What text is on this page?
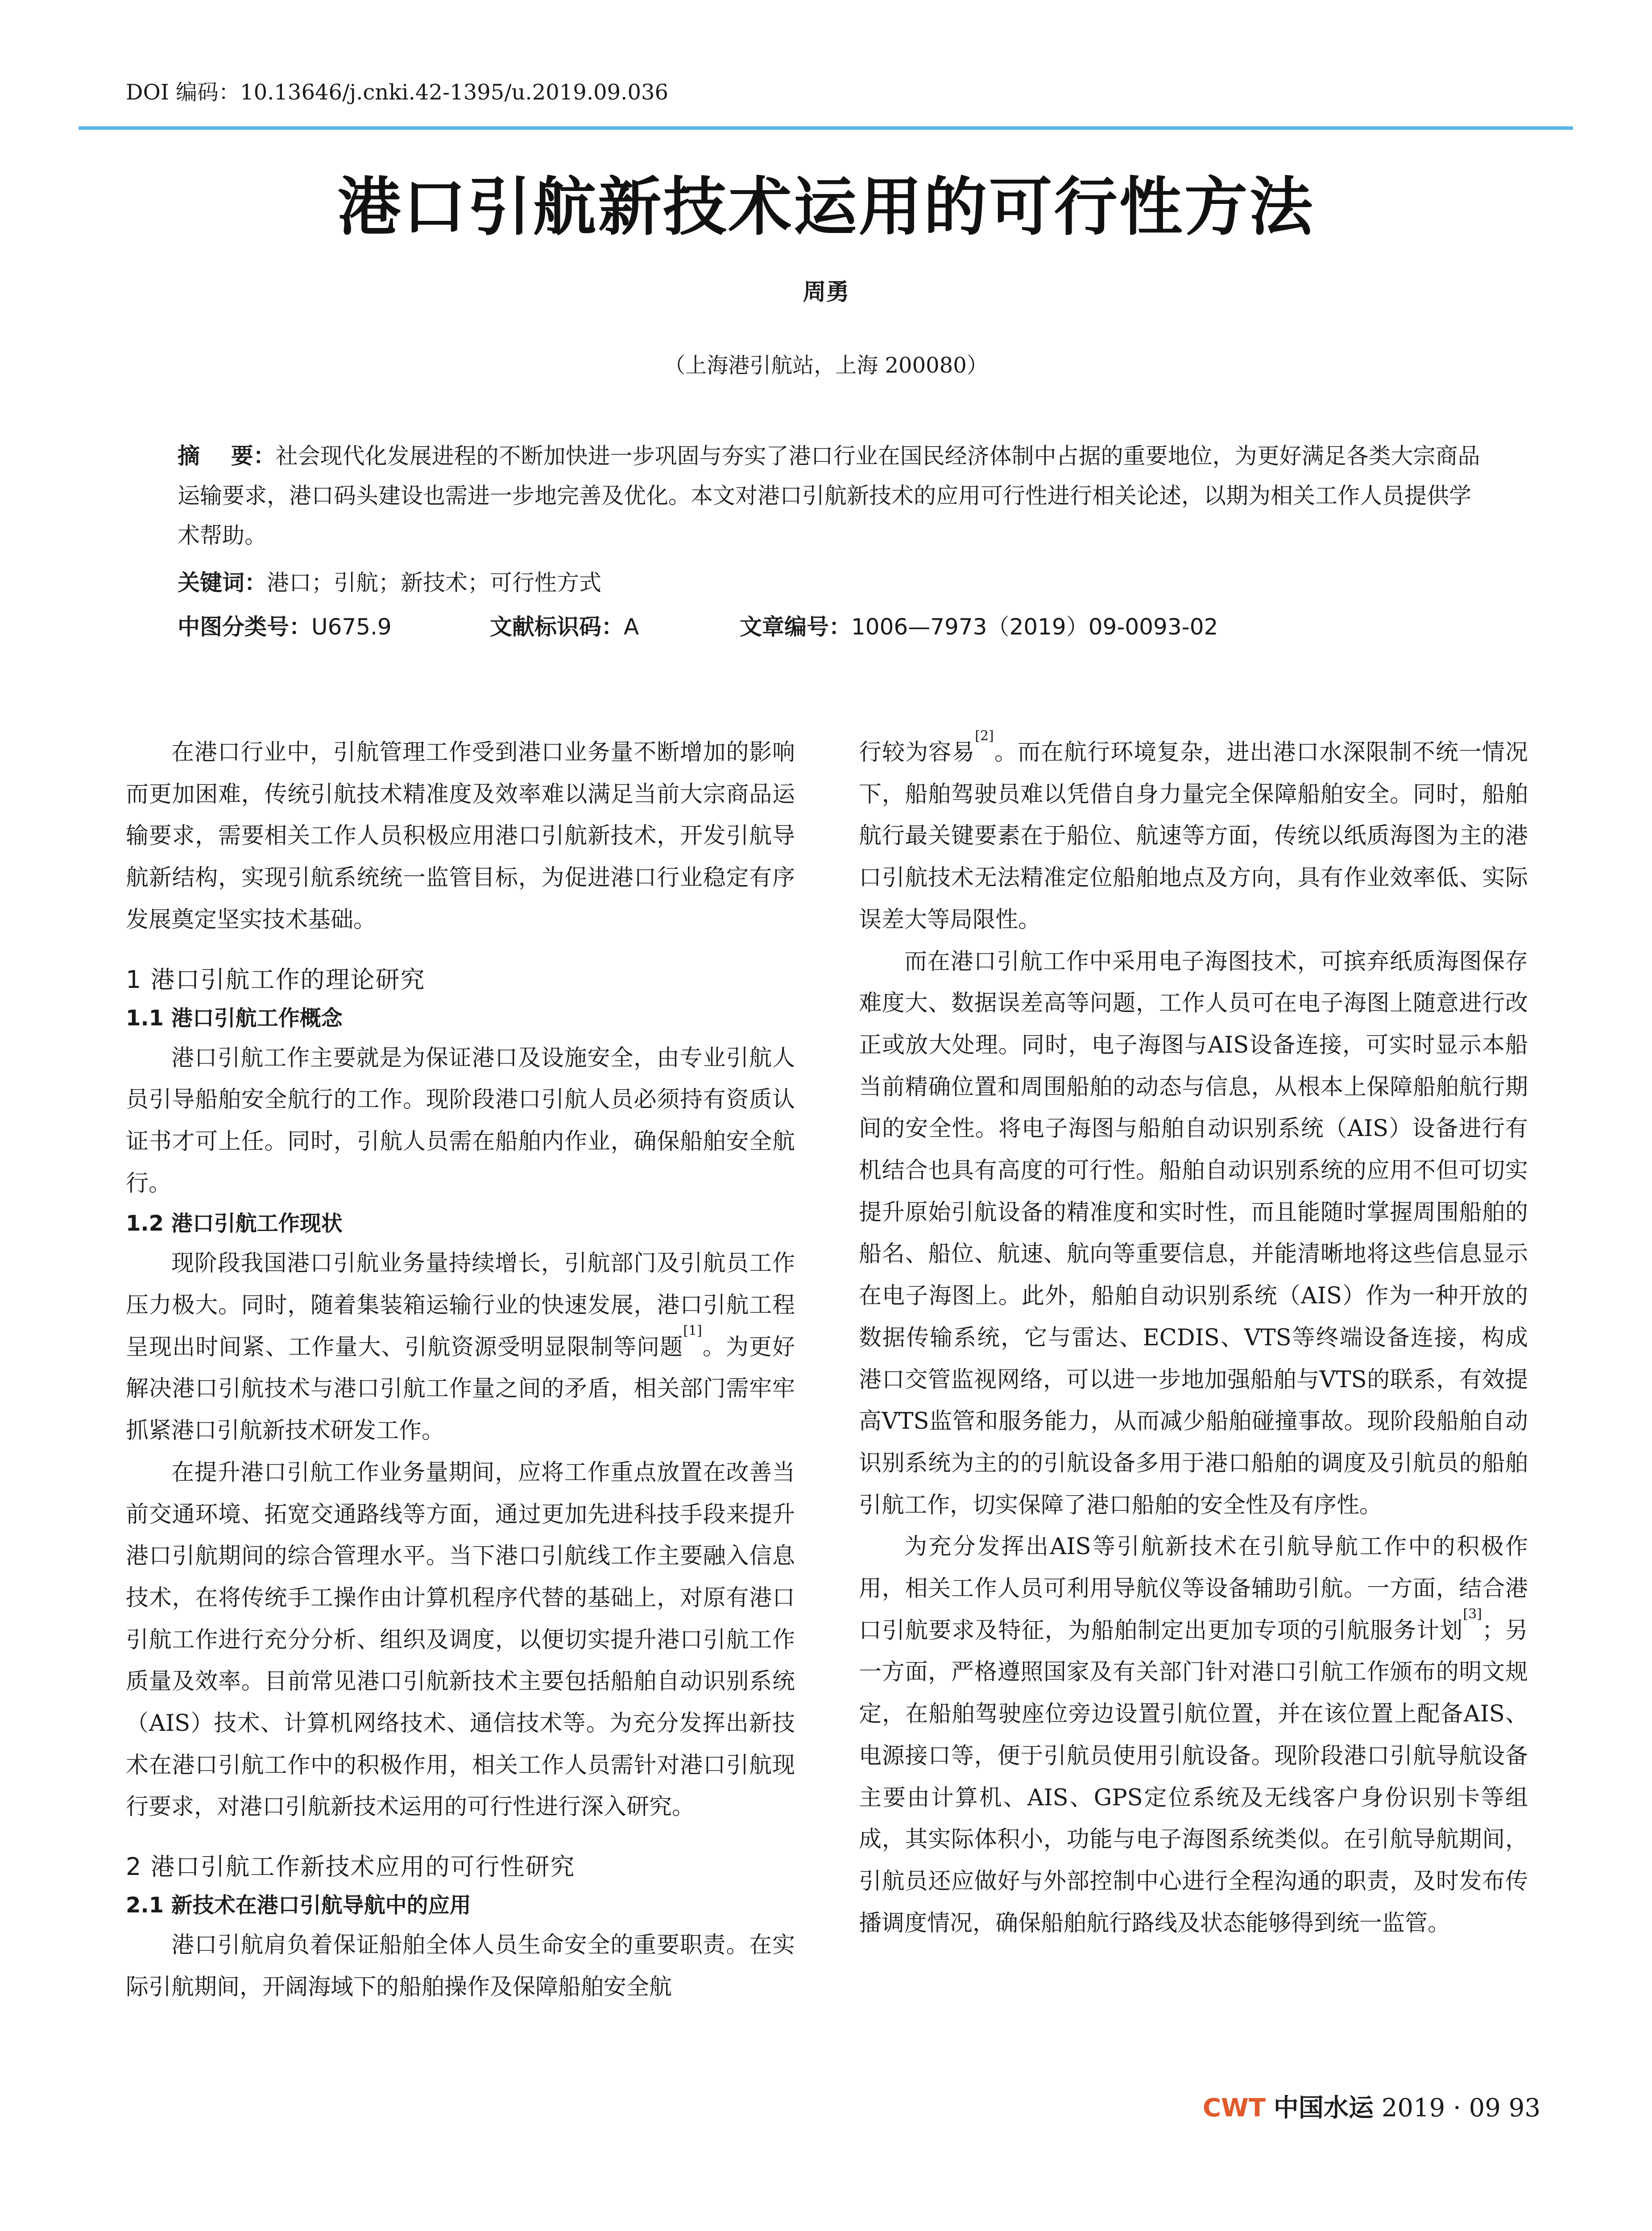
DOI 编码：10.13646/j.cnki.42-1395/u.2019.09.036
港口引航新技术运用的可行性方法
周勇
（上海港引航站，上海 200080）
摘    要：社会现代化发展进程的不断加快进一步巩固与夯实了港口行业在国民经济体制中占据的重要地位，为更好满足各类大宗商品运输要求，港口码头建设也需进一步地完善及优化。本文对港口引航新技术的应用可行性进行相关论述，以期为相关工作人员提供学术帮助。
关键词：港口；引航；新技术；可行性方式
中图分类号：U675.9	文献标识码：A	文章编号：1006—7973（2019）09-0093-02

在港口行业中，引航管理工作受到港口业务量不断增加的影响而更加困难，传统引航技术精准度及效率难以满足当前大宗商品运输要求，需要相关工作人员积极应用港口引航新技术，开发引航导航新结构，实现引航系统统一监管目标，为促进港口行业稳定有序发展奠定坚实技术基础。

1 港口引航工作的理论研究
1.1 港口引航工作概念

港口引航工作主要就是为保证港口及设施安全，由专业引航人员引导船舶安全航行的工作。现阶段港口引航人员必须持有资质认证书才可上任。同时，引航人员需在船舶内作业，确保船舶安全航行。

1.2 港口引航工作现状

现阶段我国港口引航业务量持续增长，引航部门及引航员工作压力极大。同时，随着集装箱运输行业的快速发展，港口引航工程呈现出时间紧、工作量大、引航资源受明显限制等问题[1]。为更好解决港口引航技术与港口引航工作量之间的矛盾，相关部门需牢牢抓紧港口引航新技术研发工作。

在提升港口引航工作业务量期间，应将工作重点放置在改善当前交通环境、拓宽交通路线等方面，通过更加先进科技手段来提升港口引航期间的综合管理水平。当下港口引航线工作主要融入信息技术，在将传统手工操作由计算机程序代替的基础上，对原有港口引航工作进行充分分析、组织及调度，以便切实提升港口引航工作质量及效率。目前常见港口引航新技术主要包括船舶自动识别系统（AIS）技术、计算机网络技术、通信技术等。为充分发挥出新技术在港口引航工作中的积极作用，相关工作人员需针对港口引航现行要求，对港口引航新技术运用的可行性进行深入研究。

2 港口引航工作新技术应用的可行性研究
2.1 新技术在港口引航导航中的应用

港口引航肩负着保证船舶全体人员生命安全的重要职责。在实际引航期间，开阔海域下的船舶操作及保障船舶安全航

行较为容易[2]。而在航行环境复杂，进出港口水深限制不统一情况下，船舶驾驶员难以凭借自身力量完全保障船舶安全。同时，船舶航行最关键要素在于船位、航速等方面，传统以纸质海图为主的港口引航技术无法精准定位船舶地点及方向，具有作业效率低、实际误差大等局限性。

而在港口引航工作中采用电子海图技术，可摈弃纸质海图保存难度大、数据误差高等问题，工作人员可在电子海图上随意进行改正或放大处理。同时，电子海图与AIS设备连接，可实时显示本船当前精确位置和周围船舶的动态与信息，从根本上保障船舶航行期间的安全性。将电子海图与船舶自动识别系统（AIS）设备进行有机结合也具有高度的可行性。船舶自动识别系统的应用不但可切实提升原始引航设备的精准度和实时性，而且能随时掌握周围船舶的船名、船位、航速、航向等重要信息，并能清晰地将这些信息显示在电子海图上。此外，船舶自动识别系统（AIS）作为一种开放的数据传输系统，它与雷达、ECDIS、VTS等终端设备连接，构成港口交管监视网络，可以进一步地加强船舶与VTS的联系，有效提高VTS监管和服务能力，从而减少船舶碰撞事故。现阶段船舶自动识别系统为主的的引航设备多用于港口船舶的调度及引航员的船舶引航工作，切实保障了港口船舶的安全性及有序性。

为充分发挥出AIS等引航新技术在引航导航工作中的积极作用，相关工作人员可利用导航仪等设备辅助引航。一方面，结合港口引航要求及特征，为船舶制定出更加专项的引航服务计划[3]；另一方面，严格遵照国家及有关部门针对港口引航工作颁布的明文规定，在船舶驾驶座位旁边设置引航位置，并在该位置上配备AIS、电源接口等，便于引航员使用引航设备。现阶段港口引航导航设备主要由计算机、AIS、GPS定位系统及无线客户身份识别卡等组成，其实际体积小，功能与电子海图系统类似。在引航导航期间，引航员还应做好与外部控制中心进行全程沟通的职责，及时发布传播调度情况，确保船舶航行路线及状态能够得到统一监管。

CWT 中国水运 2019 · 09 93
